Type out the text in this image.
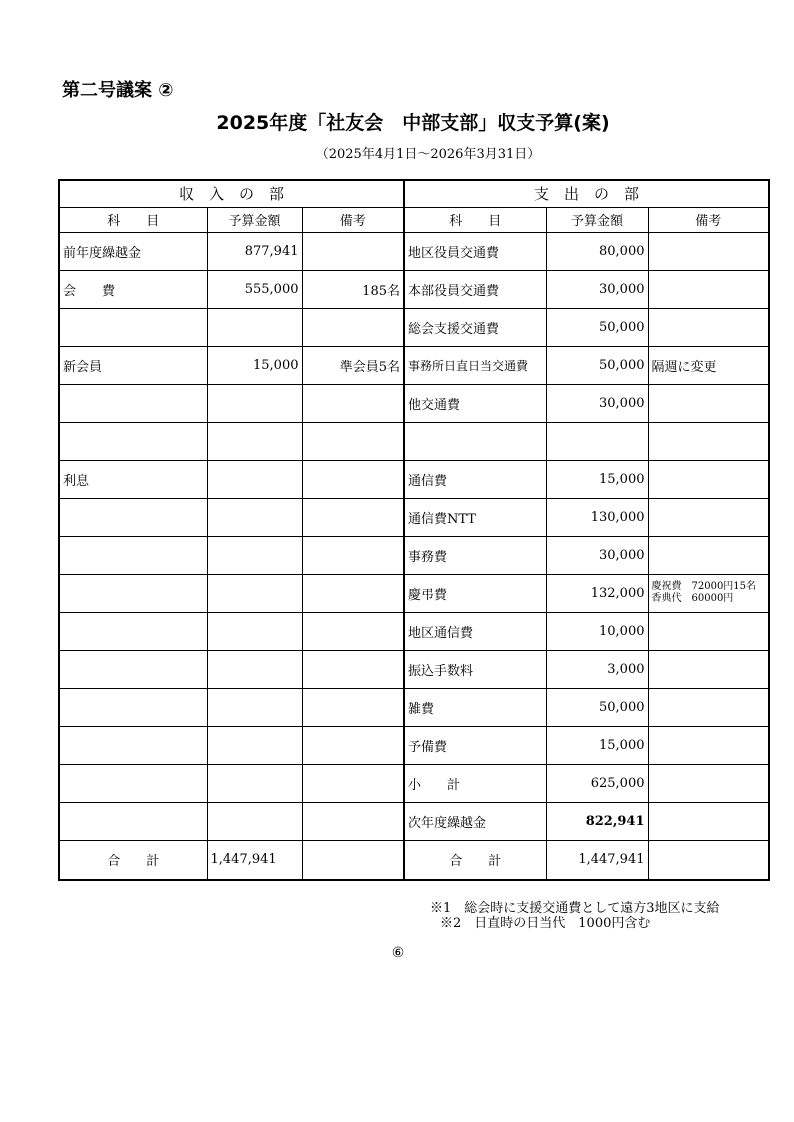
第二号議案 ②
2025年度「社友会　中部支部」収支予算(案)
（2025年4月1日～2026年3月31日）
収　入　の　部			支　出　の　部		
科　　目	予算金額	備考	科　　目	予算金額	備考
前年度繰越金	877,941		地区役員交通費	80,000	
会　　費	555,000	185名	本部役員交通費	30,000	
			総会支援交通費	50,000	
新会員	15,000	準会員5名	事務所日直日当交通費	50,000	隔週に変更
			他交通費	30,000	

利息			通信費	15,000	
			通信費NTT	130,000	
			事務費	30,000	
			慶弔費	132,000	慶祝費　72000円15名
香典代　60000円

			地区通信費	10,000	
			振込手数料	3,000	
			雑費	50,000	
			予備費	15,000	
			小　　計	625,000	
			次年度繰越金	822,941	
合　　計	1,447,941		合　　計	1,447,941	
※1　総会時に支援交通費として遠方3地区に支給
※2　日直時の日当代　1000円含む
⑥
